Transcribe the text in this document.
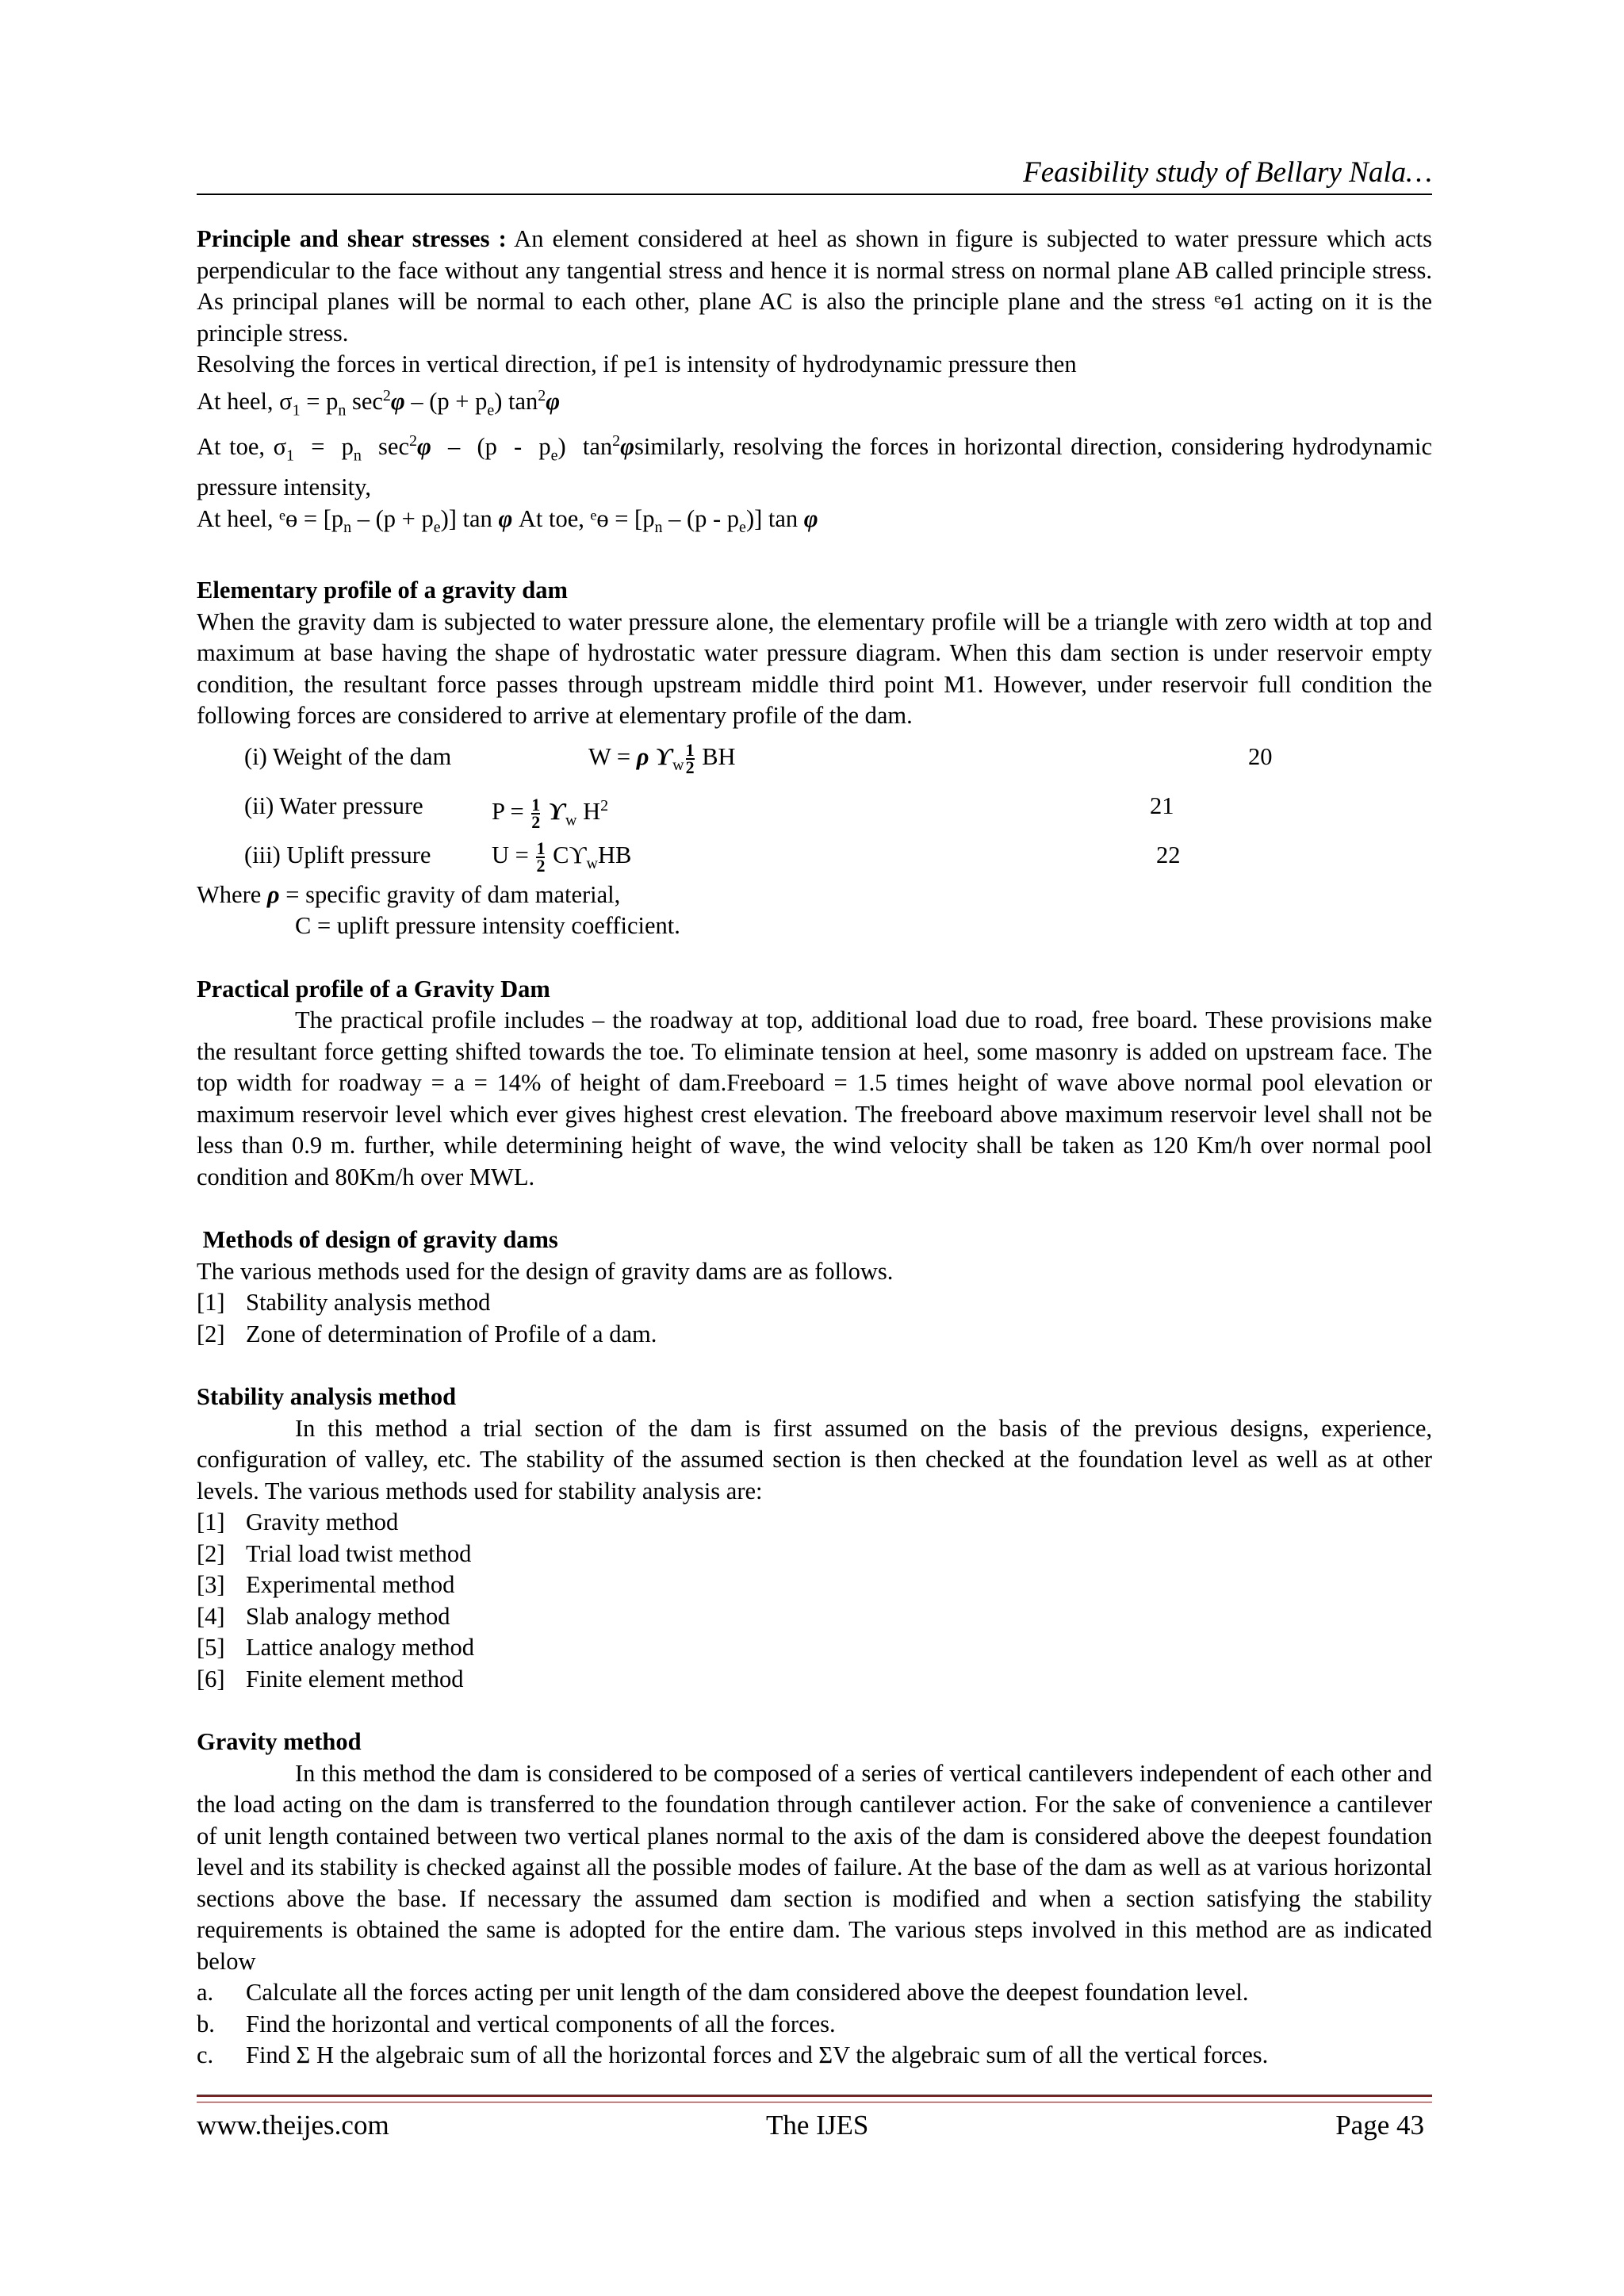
Feasibility study of Bellary Nala…

Principle and shear stresses : An element considered at heel as shown in figure is subjected to water pressure which acts perpendicular to the face without any tangential stress and hence it is normal stress on normal plane AB called principle stress. As principal planes will be normal to each other, plane AC is also the principle plane and the stress ᵉɵ1 acting on it is the principle stress.

Resolving the forces in vertical direction, if pe1 is intensity of hydrodynamic pressure then

At heel, $\sigma_1 = p_n$ $\sec^2\varphi - (p + p_e)$ $\tan^2\varphi$

At toe, $\sigma_1 = p_n$  $\sec^2\varphi - (p - p_e)$  $\tan^2\varphi similarly$, resolving the forces in horizontal direction, considering hydrodynamic pressure intensity,

At heel, ᵉɵ = $[p_n - (p + p_e)]$ tan φ At toe, ᵉɵ = $[p_n - (p - p_e)]$ tan φ

Elementary profile of a gravity dam

When the gravity dam is subjected to water pressure alone, the elementary profile will be a triangle with zero width at top and maximum at base having the shape of hydrostatic water pressure diagram. When this dam section is under reservoir empty condition, the resultant force passes through upstream middle third point M1. However, under reservoir full condition the following forces are considered to arrive at elementary profile of the dam.

(i) Weight of the dam	W = ρ $ϒ_w \frac{1}{2}$ BH	20
(ii) Water pressure	$P = \frac{1}{2} ϒ_w$ $H^2$	21
(iii) Uplift pressure	$U = \frac{1}{2} Cϒ_wHB$	22

Where ρ = specific gravity of dam material,

C = uplift pressure intensity coefficient.

Practical profile of a Gravity Dam

The practical profile includes – the roadway at top, additional load due to road, free board. These provisions make the resultant force getting shifted towards the toe. To eliminate tension at heel, some masonry is added on upstream face. The top width for roadway = a = 14% of height of dam.Freeboard = 1.5 times height of wave above normal pool elevation or maximum reservoir level which ever gives highest crest elevation. The freeboard above maximum reservoir level shall not be less than 0.9 m. further, while determining height of wave, the wind velocity shall be taken as 120 Km/h over normal pool condition and 80Km/h over MWL.

Methods of design of gravity dams

The various methods used for the design of gravity dams are as follows.

[1] Stability analysis method
[2] Zone of determination of Profile of a dam.

Stability analysis method

In this method a trial section of the dam is first assumed on the basis of the previous designs, experience, configuration of valley, etc. The stability of the assumed section is then checked at the foundation level as well as at other levels. The various methods used for stability analysis are:

[1] Gravity method
[2] Trial load twist method
[3] Experimental method
[4] Slab analogy method
[5] Lattice analogy method
[6] Finite element method

Gravity method

In this method the dam is considered to be composed of a series of vertical cantilevers independent of each other and the load acting on the dam is transferred to the foundation through cantilever action. For the sake of convenience a cantilever of unit length contained between two vertical planes normal to the axis of the dam is considered above the deepest foundation level and its stability is checked against all the possible modes of failure. At the base of the dam as well as at various horizontal sections above the base. If necessary the assumed dam section is modified and when a section satisfying the stability requirements is obtained the same is adopted for the entire dam. The various steps involved in this method are as indicated below

a.	Calculate all the forces acting per unit length of the dam considered above the deepest foundation level.
b.	Find the horizontal and vertical components of all the forces.
c.	Find Σ H the algebraic sum of all the horizontal forces and ΣV the algebraic sum of all the vertical forces.
www.theijes.com	The IJES	Page 43
